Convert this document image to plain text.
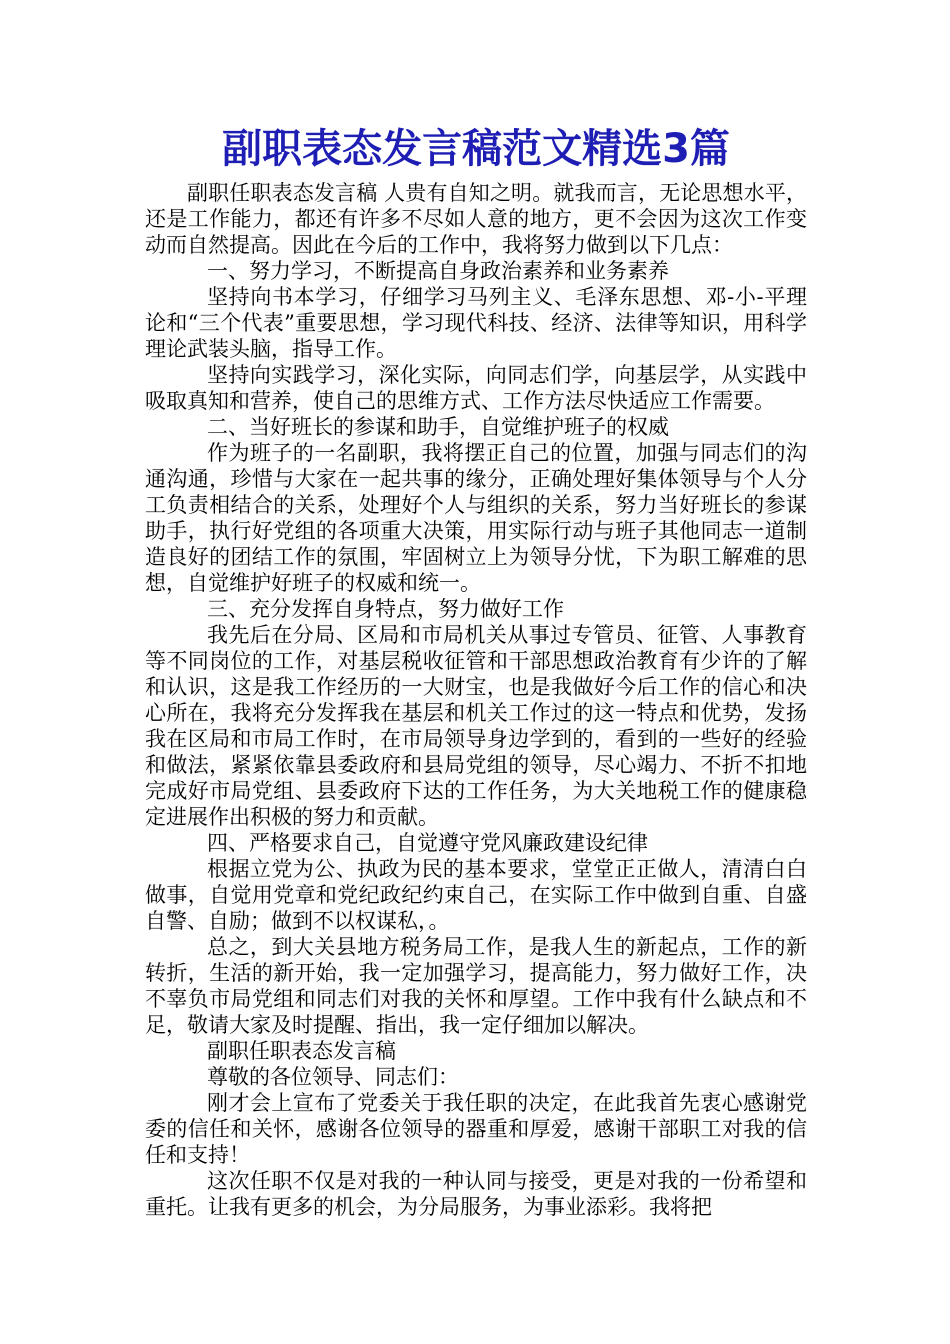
副职表态发言稿范文精选3篇

副职任职表态发言稿 人贵有自知之明。就我而言，无论思想水平，还是工作能力，都还有许多不尽如人意的地方，更不会因为这次工作变动而自然提高。因此在今后的工作中，我将努力做到以下几点：

一、努力学习，不断提高自身政治素养和业务素养

坚持向书本学习，仔细学习马列主义、毛泽东思想、邓-小-平理论和“三个代表”重要思想，学习现代科技、经济、法律等知识，用科学理论武装头脑，指导工作。

坚持向实践学习，深化实际，向同志们学，向基层学，从实践中吸取真知和营养，使自己的思维方式、工作方法尽快适应工作需要。

二、当好班长的参谋和助手，自觉维护班子的权威

作为班子的一名副职，我将摆正自己的位置，加强与同志们的沟通沟通，珍惜与大家在一起共事的缘分，正确处理好集体领导与个人分工负责相结合的关系，处理好个人与组织的关系，努力当好班长的参谋助手，执行好党组的各项重大决策，用实际行动与班子其他同志一道制造良好的团结工作的氛围，牢固树立上为领导分忧，下为职工解难的思想，自觉维护好班子的权威和统一。

三、充分发挥自身特点，努力做好工作

我先后在分局、区局和市局机关从事过专管员、征管、人事教育等不同岗位的工作，对基层税收征管和干部思想政治教育有少许的了解和认识，这是我工作经历的一大财宝，也是我做好今后工作的信心和决心所在，我将充分发挥我在基层和机关工作过的这一特点和优势，发扬我在区局和市局工作时，在市局领导身边学到的，看到的一些好的经验和做法，紧紧依靠县委政府和县局党组的领导，尽心竭力、不折不扣地完成好市局党组、县委政府下达的工作任务，为大关地税工作的健康稳定进展作出积极的努力和贡献。

四、严格要求自己，自觉遵守党风廉政建设纪律

根据立党为公、执政为民的基本要求，堂堂正正做人，清清白白做事，自觉用党章和党纪政纪约束自己，在实际工作中做到自重、自盛自警、自励；做到不以权谋私，。

总之，到大关县地方税务局工作，是我人生的新起点，工作的新转折，生活的新开始，我一定加强学习，提高能力，努力做好工作，决不辜负市局党组和同志们对我的关怀和厚望。工作中我有什么缺点和不足，敬请大家及时提醒、指出，我一定仔细加以解决。

副职任职表态发言稿

尊敬的各位领导、同志们：

刚才会上宣布了党委关于我任职的决定，在此我首先衷心感谢党委的信任和关怀，感谢各位领导的器重和厚爱，感谢干部职工对我的信任和支持！

这次任职不仅是对我的一种认同与接受，更是对我的一份希望和重托。让我有更多的机会，为分局服务，为事业添彩。我将把
